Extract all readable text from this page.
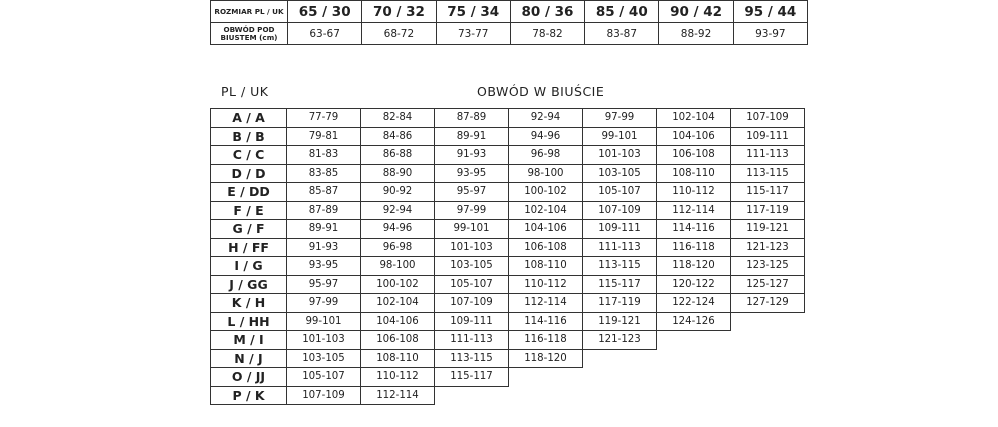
ROZMIAR PL / UK	65 / 30	70 / 32	75 / 34	80 / 36	85 / 40	90 / 42	95 / 44
OBWÓD POD BIUSTEM (cm)	63-67	68-72	73-77	78-82	83-87	88-92	93-97
PL / UK	OBWÓD W BIUŚCIE
A / A	77-79	82-84	87-89	92-94	97-99	102-104	107-109
B / B	79-81	84-86	89-91	94-96	99-101	104-106	109-111
C / C	81-83	86-88	91-93	96-98	101-103	106-108	111-113
D / D	83-85	88-90	93-95	98-100	103-105	108-110	113-115
E / DD	85-87	90-92	95-97	100-102	105-107	110-112	115-117
F / E	87-89	92-94	97-99	102-104	107-109	112-114	117-119
G / F	89-91	94-96	99-101	104-106	109-111	114-116	119-121
H / FF	91-93	96-98	101-103	106-108	111-113	116-118	121-123
I / G	93-95	98-100	103-105	108-110	113-115	118-120	123-125
J / GG	95-97	100-102	105-107	110-112	115-117	120-122	125-127
K / H	97-99	102-104	107-109	112-114	117-119	122-124	127-129
L / HH	99-101	104-106	109-111	114-116	119-121	124-126	
M / I	101-103	106-108	111-113	116-118	121-123		
N / J	103-105	108-110	113-115	118-120			
O / JJ	105-107	110-112	115-117				
P / K	107-109	112-114					
